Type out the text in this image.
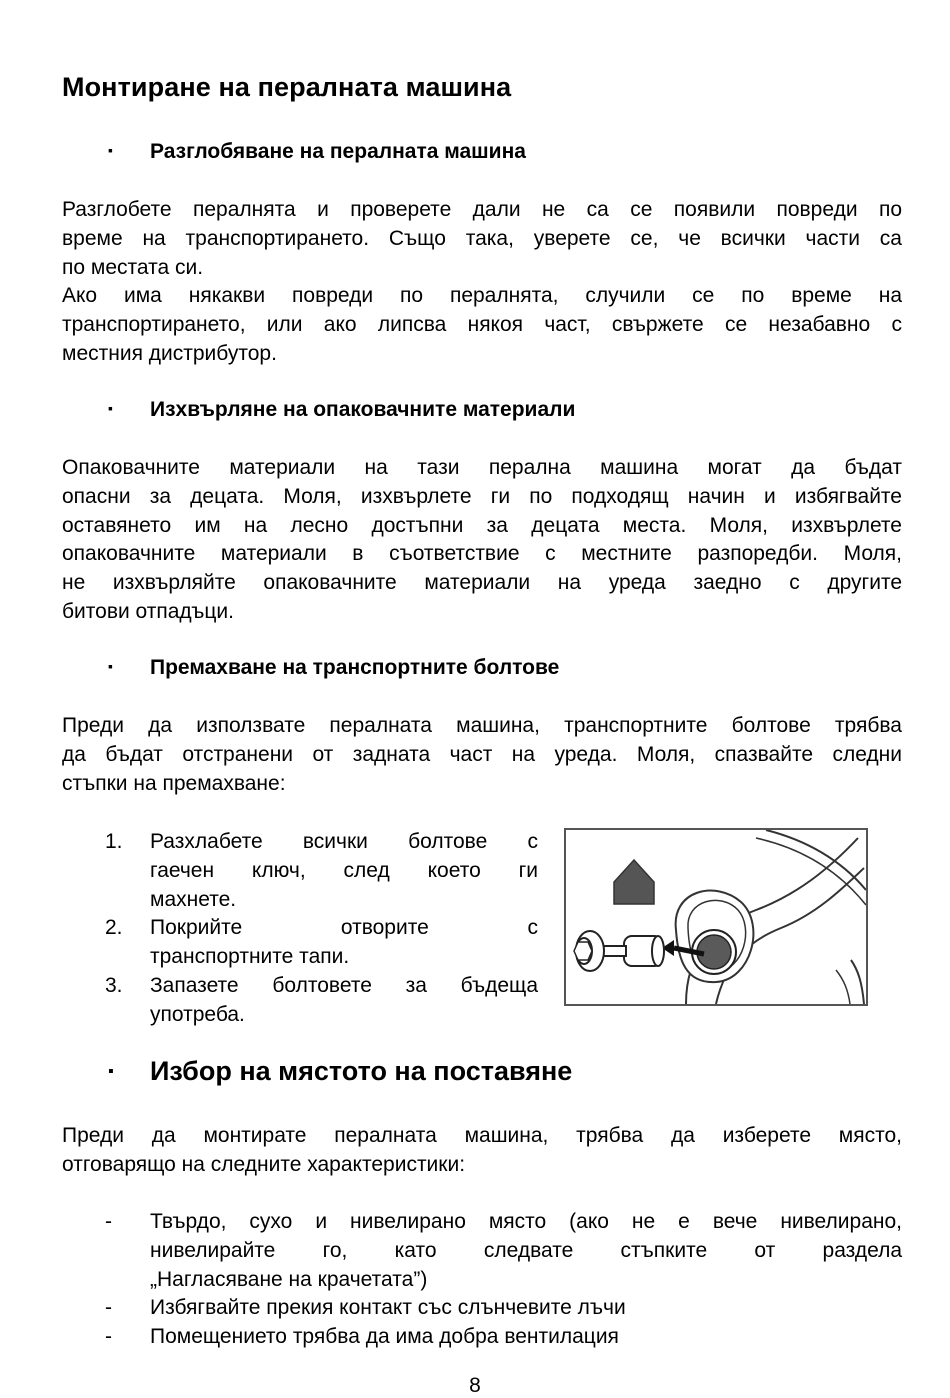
Монтиране на пералната машина
▪ Разглобяване на пералната машина
Разглобете пералнята и проверете дали не са се появили повреди по
време на транспортирането. Също така, уверете се, че всички части са
по местата си.
Ако има някакви повреди по пералнята, случили се по време на
транспортирането, или ако липсва някоя част, свържете се незабавно с
местния дистрибутор.
▪ Изхвърляне на опаковачните материали
Опаковачните материали на тази перална машина могат да бъдат
опасни за децата. Моля, изхвърлете ги по подходящ начин и избягвайте
оставянето им на лесно достъпни за децата места. Моля, изхвърлете
опаковачните материали в съответствие с местните разпоредби. Моля,
не изхвърляйте опаковачните материали на уреда заедно с другите
битови отпадъци.
▪ Премахване на транспортните болтове
Преди да използвате пералната машина, транспортните болтове трябва
да бъдат отстранени от задната част на уреда. Моля, спазвайте следни
стъпки на премахване:
1. Разхлабете всички болтове с
гаечен ключ, след което ги
махнете.
2. Покрийте отворите с
транспортните тапи.
3. Запазете болтовете за бъдеща
употреба.
▪ Избор на мястото на поставяне
Преди да монтирате пералната машина, трябва да изберете място,
отговарящо на следните характеристики:
- Твърдо, сухо и нивелирано място (ако не е вече нивелирано,
нивелирайте го, като следвате стъпките от раздела
„Нагласяване на крачетата”)
- Избягвайте прекия контакт със слънчевите лъчи
- Помещението трябва да има добра вентилация
8
